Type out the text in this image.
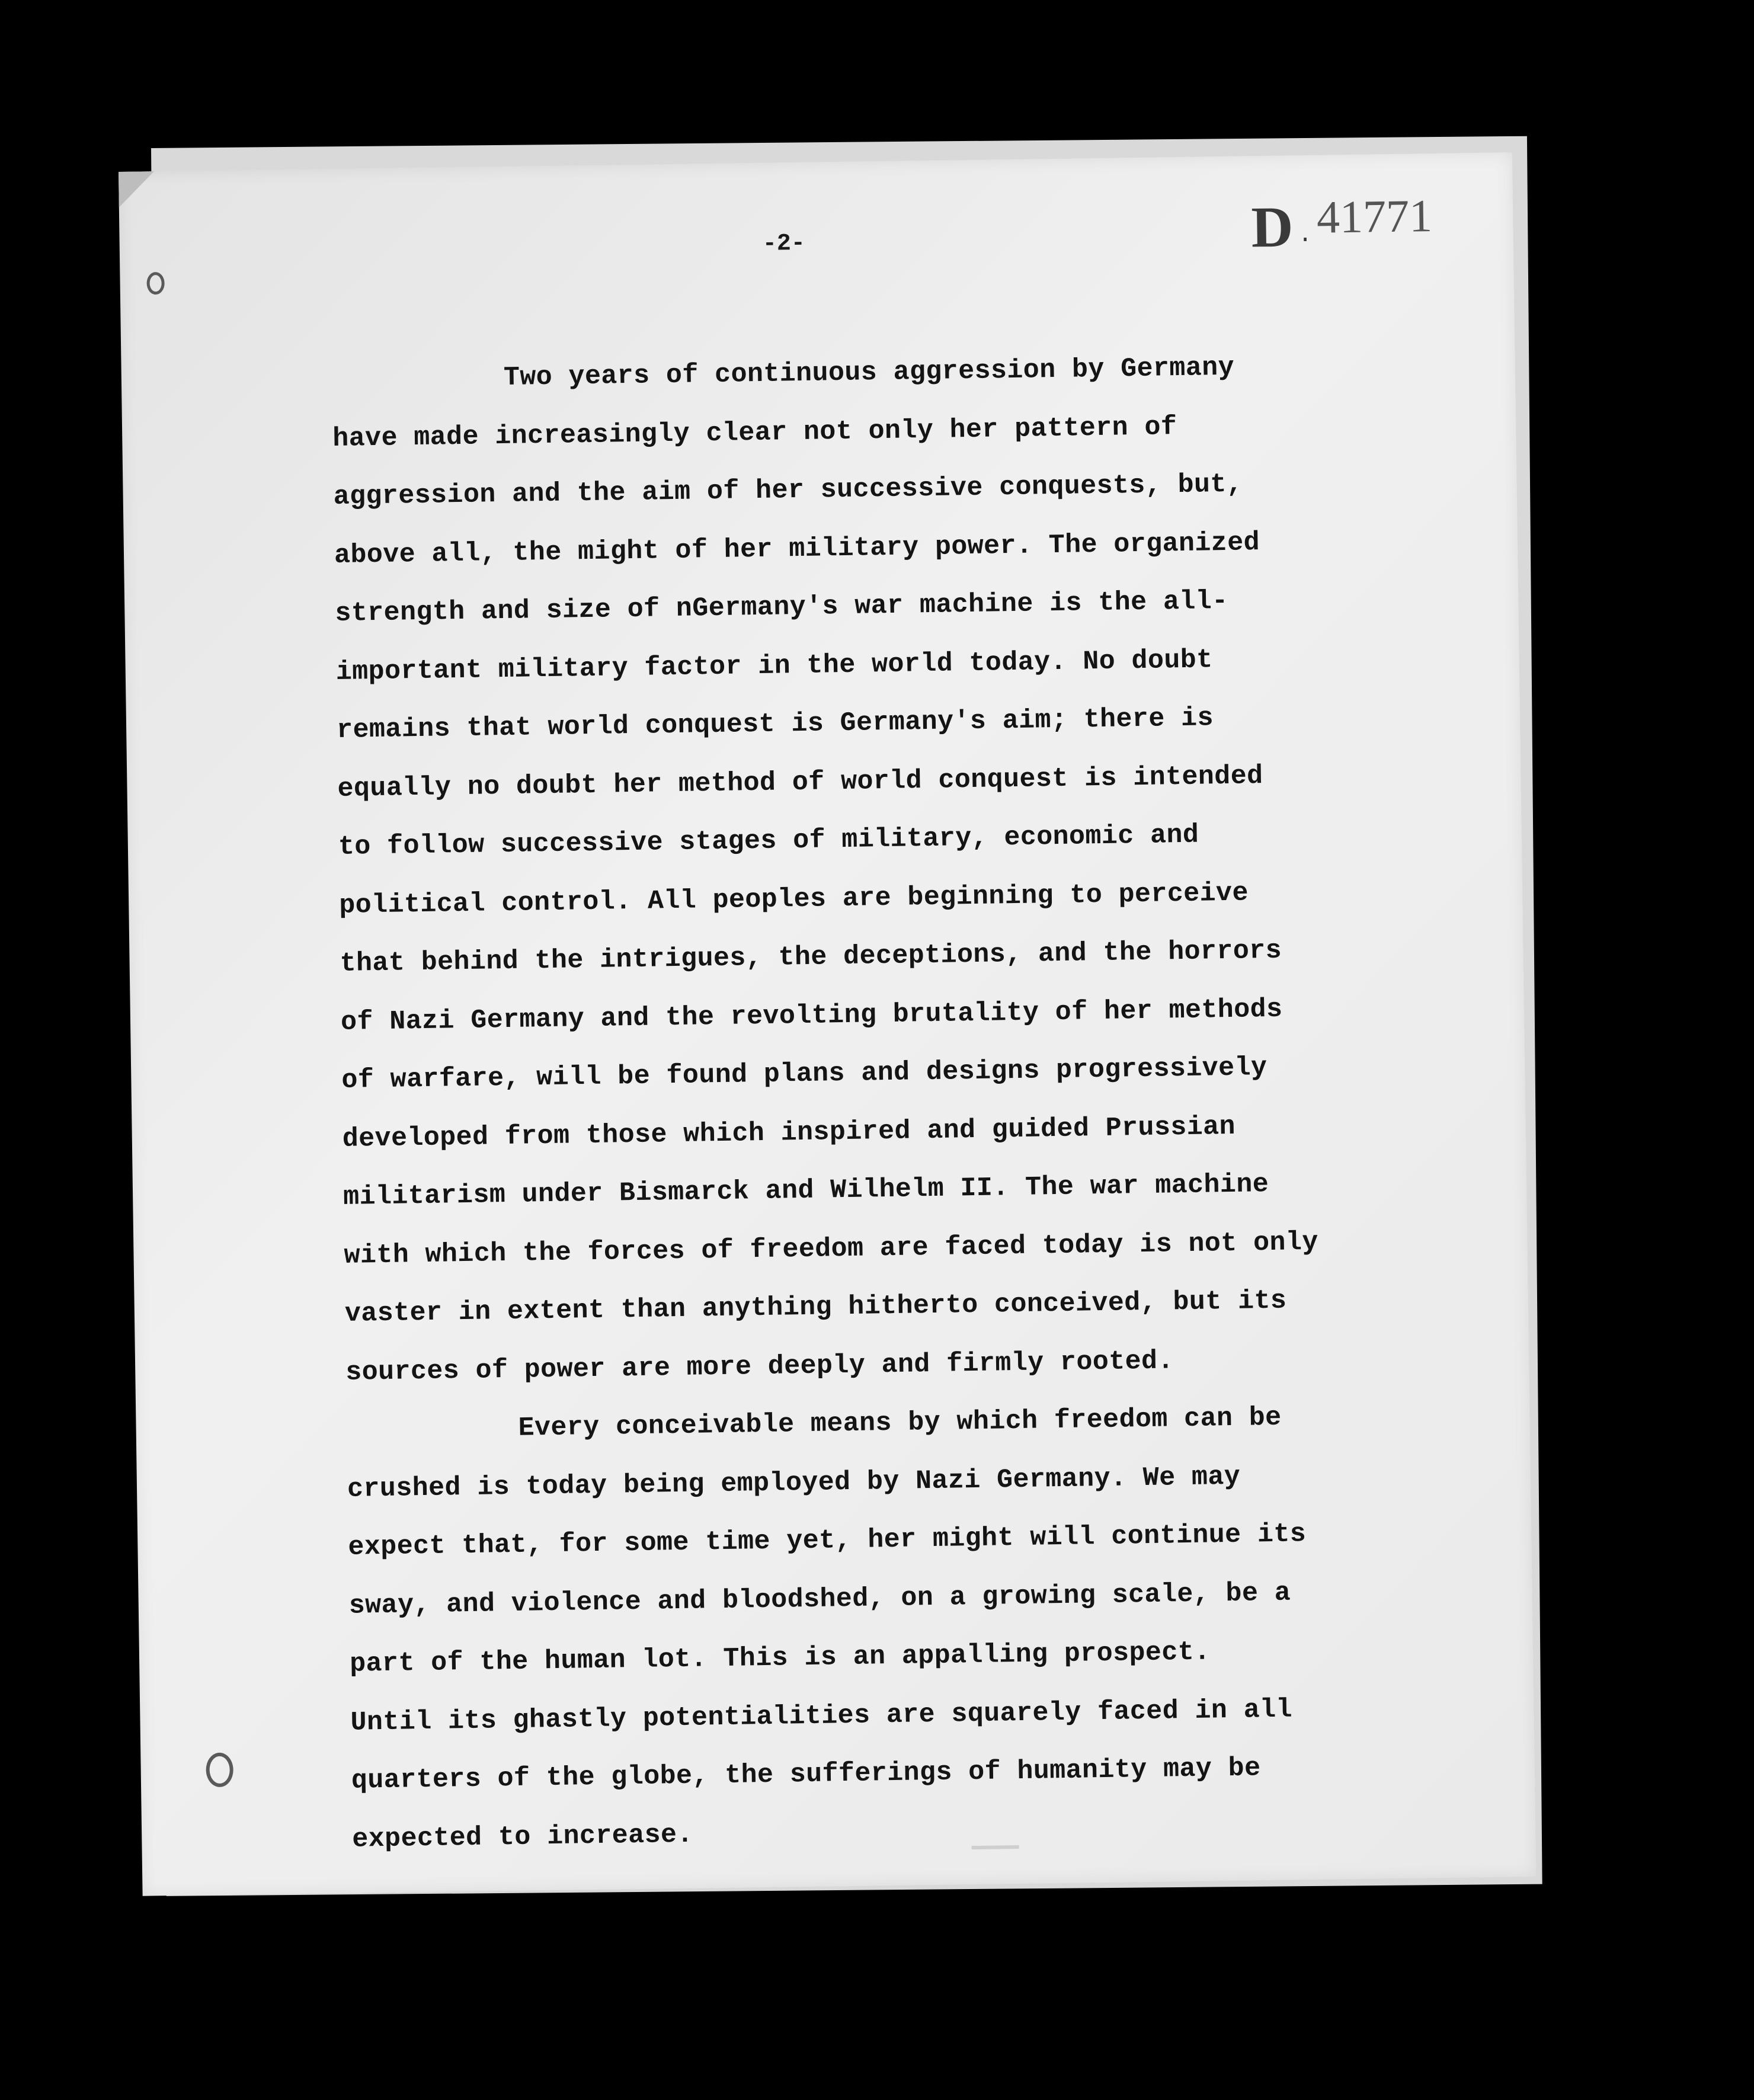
-2-	D ·41771
Two years of continuous aggression by Germany
have made increasingly clear not only her pattern of
aggression and the aim of her successive conquests, but,
above all, the might of her military power. The organized
strength and size of nGermany's war machine is the all-
important military factor in the world today. No doubt
remains that world conquest is Germany's aim; there is
equally no doubt her method of world conquest is intended
to follow successive stages of military, economic and
political control. All peoples are beginning to perceive
that behind the intrigues, the deceptions, and the horrors
of Nazi Germany and the revolting brutality of her methods
of warfare, will be found plans and designs progressively
developed from those which inspired and guided Prussian
militarism under Bismarck and Wilhelm II. The war machine
with which the forces of freedom are faced today is not only
vaster in extent than anything hitherto conceived, but its
sources of power are more deeply and firmly rooted.
Every conceivable means by which freedom can be
crushed is today being employed by Nazi Germany. We may
expect that, for some time yet, her might will continue its
sway, and violence and bloodshed, on a growing scale, be a
part of the human lot. This is an appalling prospect.
Until its ghastly potentialities are squarely faced in all
quarters of the globe, the sufferings of humanity may be
expected to increase.
